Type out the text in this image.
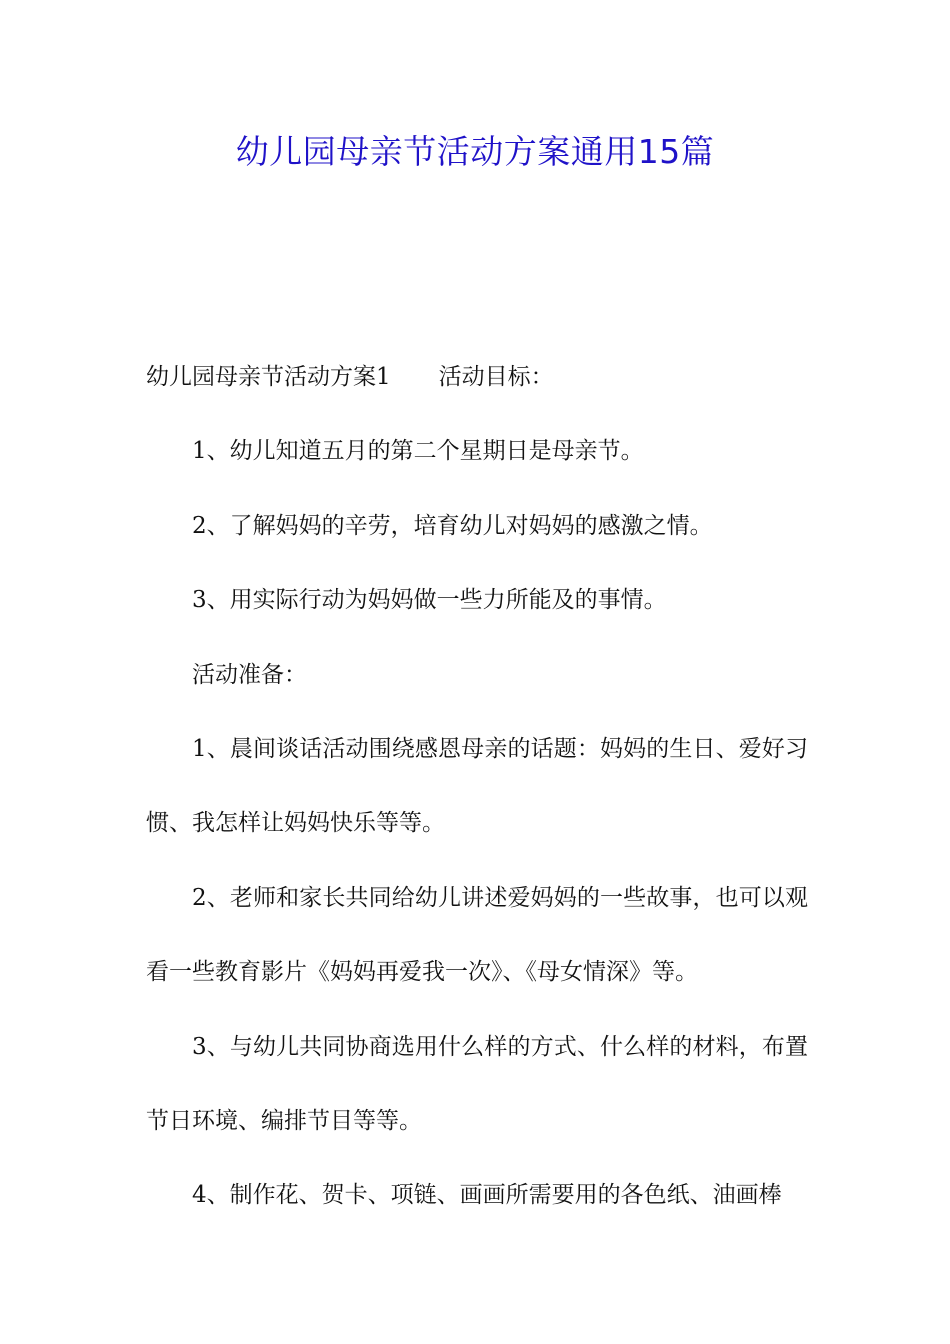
幼儿园母亲节活动方案通用15篇

幼儿园母亲节活动方案1 活动目标：

1、幼儿知道五月的第二个星期日是母亲节。

2、了解妈妈的辛劳，培育幼儿对妈妈的感激之情。

3、用实际行动为妈妈做一些力所能及的事情。

活动准备：

1、晨间谈话活动围绕感恩母亲的话题：妈妈的生日、爱好习惯、我怎样让妈妈快乐等等。

2、老师和家长共同给幼儿讲述爱妈妈的一些故事，也可以观看一些教育影片《妈妈再爱我一次》、《母女情深》等。

3、与幼儿共同协商选用什么样的方式、什么样的材料，布置节日环境、编排节目等等。

4、制作花、贺卡、项链、画画所需要用的各色纸、油画棒
